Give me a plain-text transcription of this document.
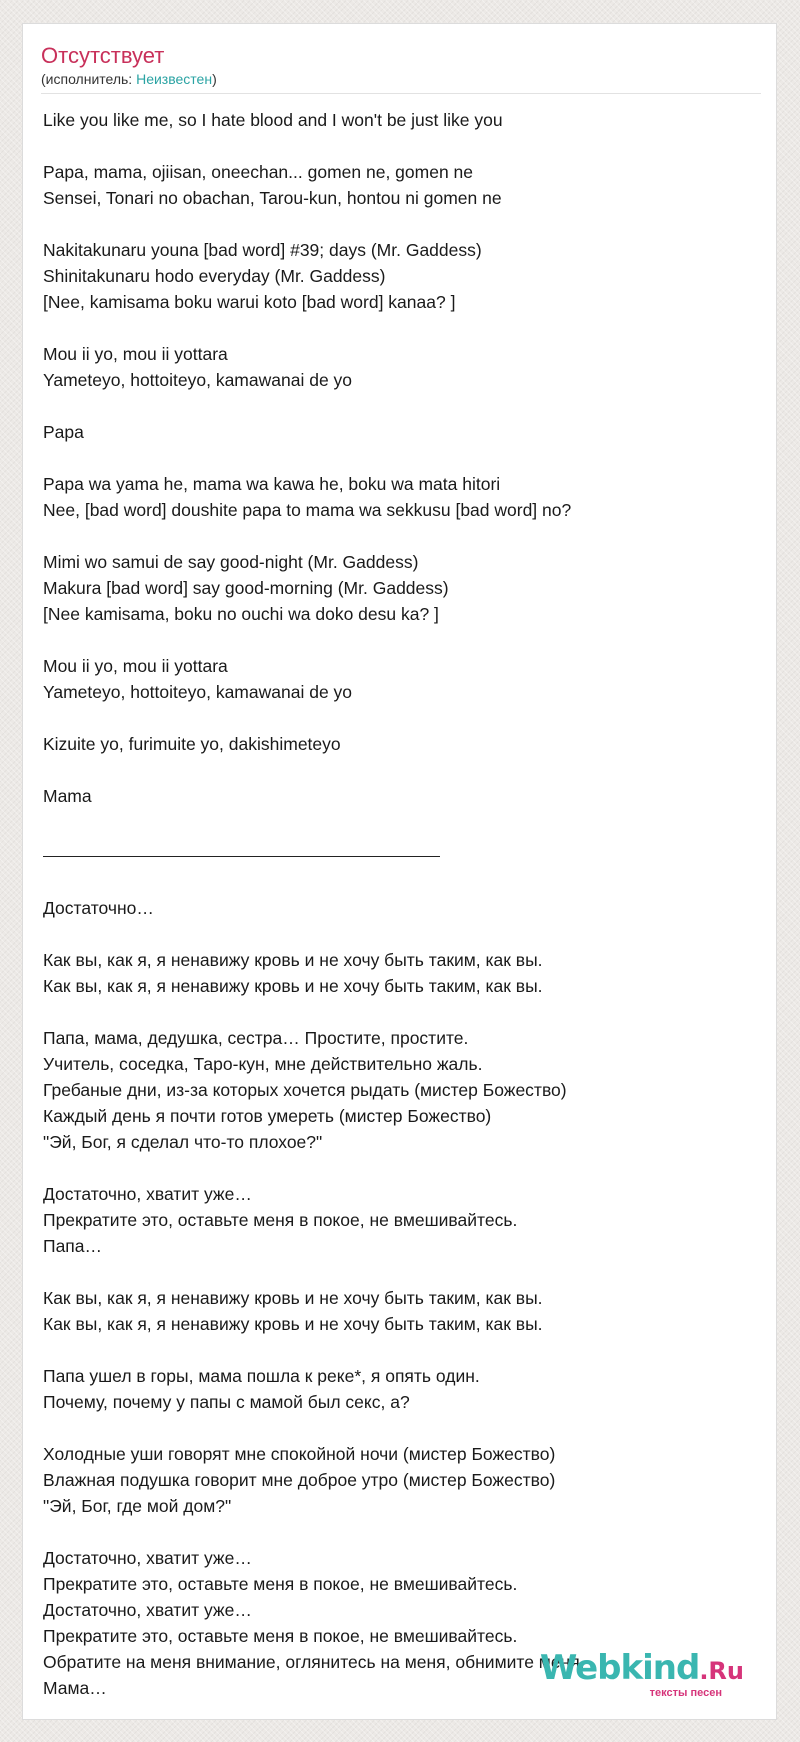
Отсутствует
(исполнитель: Неизвестен)
Like you like me, so I hate blood and I won't be just like you
Papa, mama, ojiisan, oneechan... gomen ne, gomen ne
Sensei, Tonari no obachan, Tarou-kun, hontou ni gomen ne
Nakitakunaru youna [bad word] #39; days (Mr. Gaddess)
Shinitakunaru hodo everyday (Mr. Gaddess)
[Nee, kamisama boku warui koto [bad word] kanaa? ]
Mou ii yo, mou ii yottara
Yameteyo, hottoiteyo, kamawanai de yo
Papa
Papa wa yama he, mama wa kawa he, boku wa mata hitori
Nee, [bad word] doushite papa to mama wa sekkusu [bad word] no?
Mimi wo samui de say good-night (Mr. Gaddess)
Makura [bad word] say good-morning (Mr. Gaddess)
[Nee kamisama, boku no ouchi wa doko desu ka? ]
Mou ii yo, mou ii yottara
Yameteyo, hottoiteyo, kamawanai de yo
Kizuite yo, furimuite yo, dakishimeteyo
Mama
Достаточно…
Как вы, как я, я ненавижу кровь и не хочу быть таким, как вы.
Как вы, как я, я ненавижу кровь и не хочу быть таким, как вы.
Папа, мама, дедушка, сестра… Простите, простите.
Учитель, соседка, Таро-кун, мне действительно жаль.
Гребаные дни, из-за которых хочется рыдать (мистер Божество)
Каждый день я почти готов умереть (мистер Божество)
"Эй, Бог, я сделал что-то плохое?"
Достаточно, хватит уже…
Прекратите это, оставьте меня в покое, не вмешивайтесь.
Папа…
Как вы, как я, я ненавижу кровь и не хочу быть таким, как вы.
Как вы, как я, я ненавижу кровь и не хочу быть таким, как вы.
Папа ушел в горы, мама пошла к реке*, я опять один.
Почему, почему у папы с мамой был секс, а?
Холодные уши говорят мне спокойной ночи (мистер Божество)
Влажная подушка говорит мне доброе утро (мистер Божество)
"Эй, Бог, где мой дом?"
Достаточно, хватит уже…
Прекратите это, оставьте меня в покое, не вмешивайтесь.
Достаточно, хватит уже…
Прекратите это, оставьте меня в покое, не вмешивайтесь.
Обратите на меня внимание, оглянитесь на меня, обнимите меня.
Мама…	Webkind.Ru
тексты песен
